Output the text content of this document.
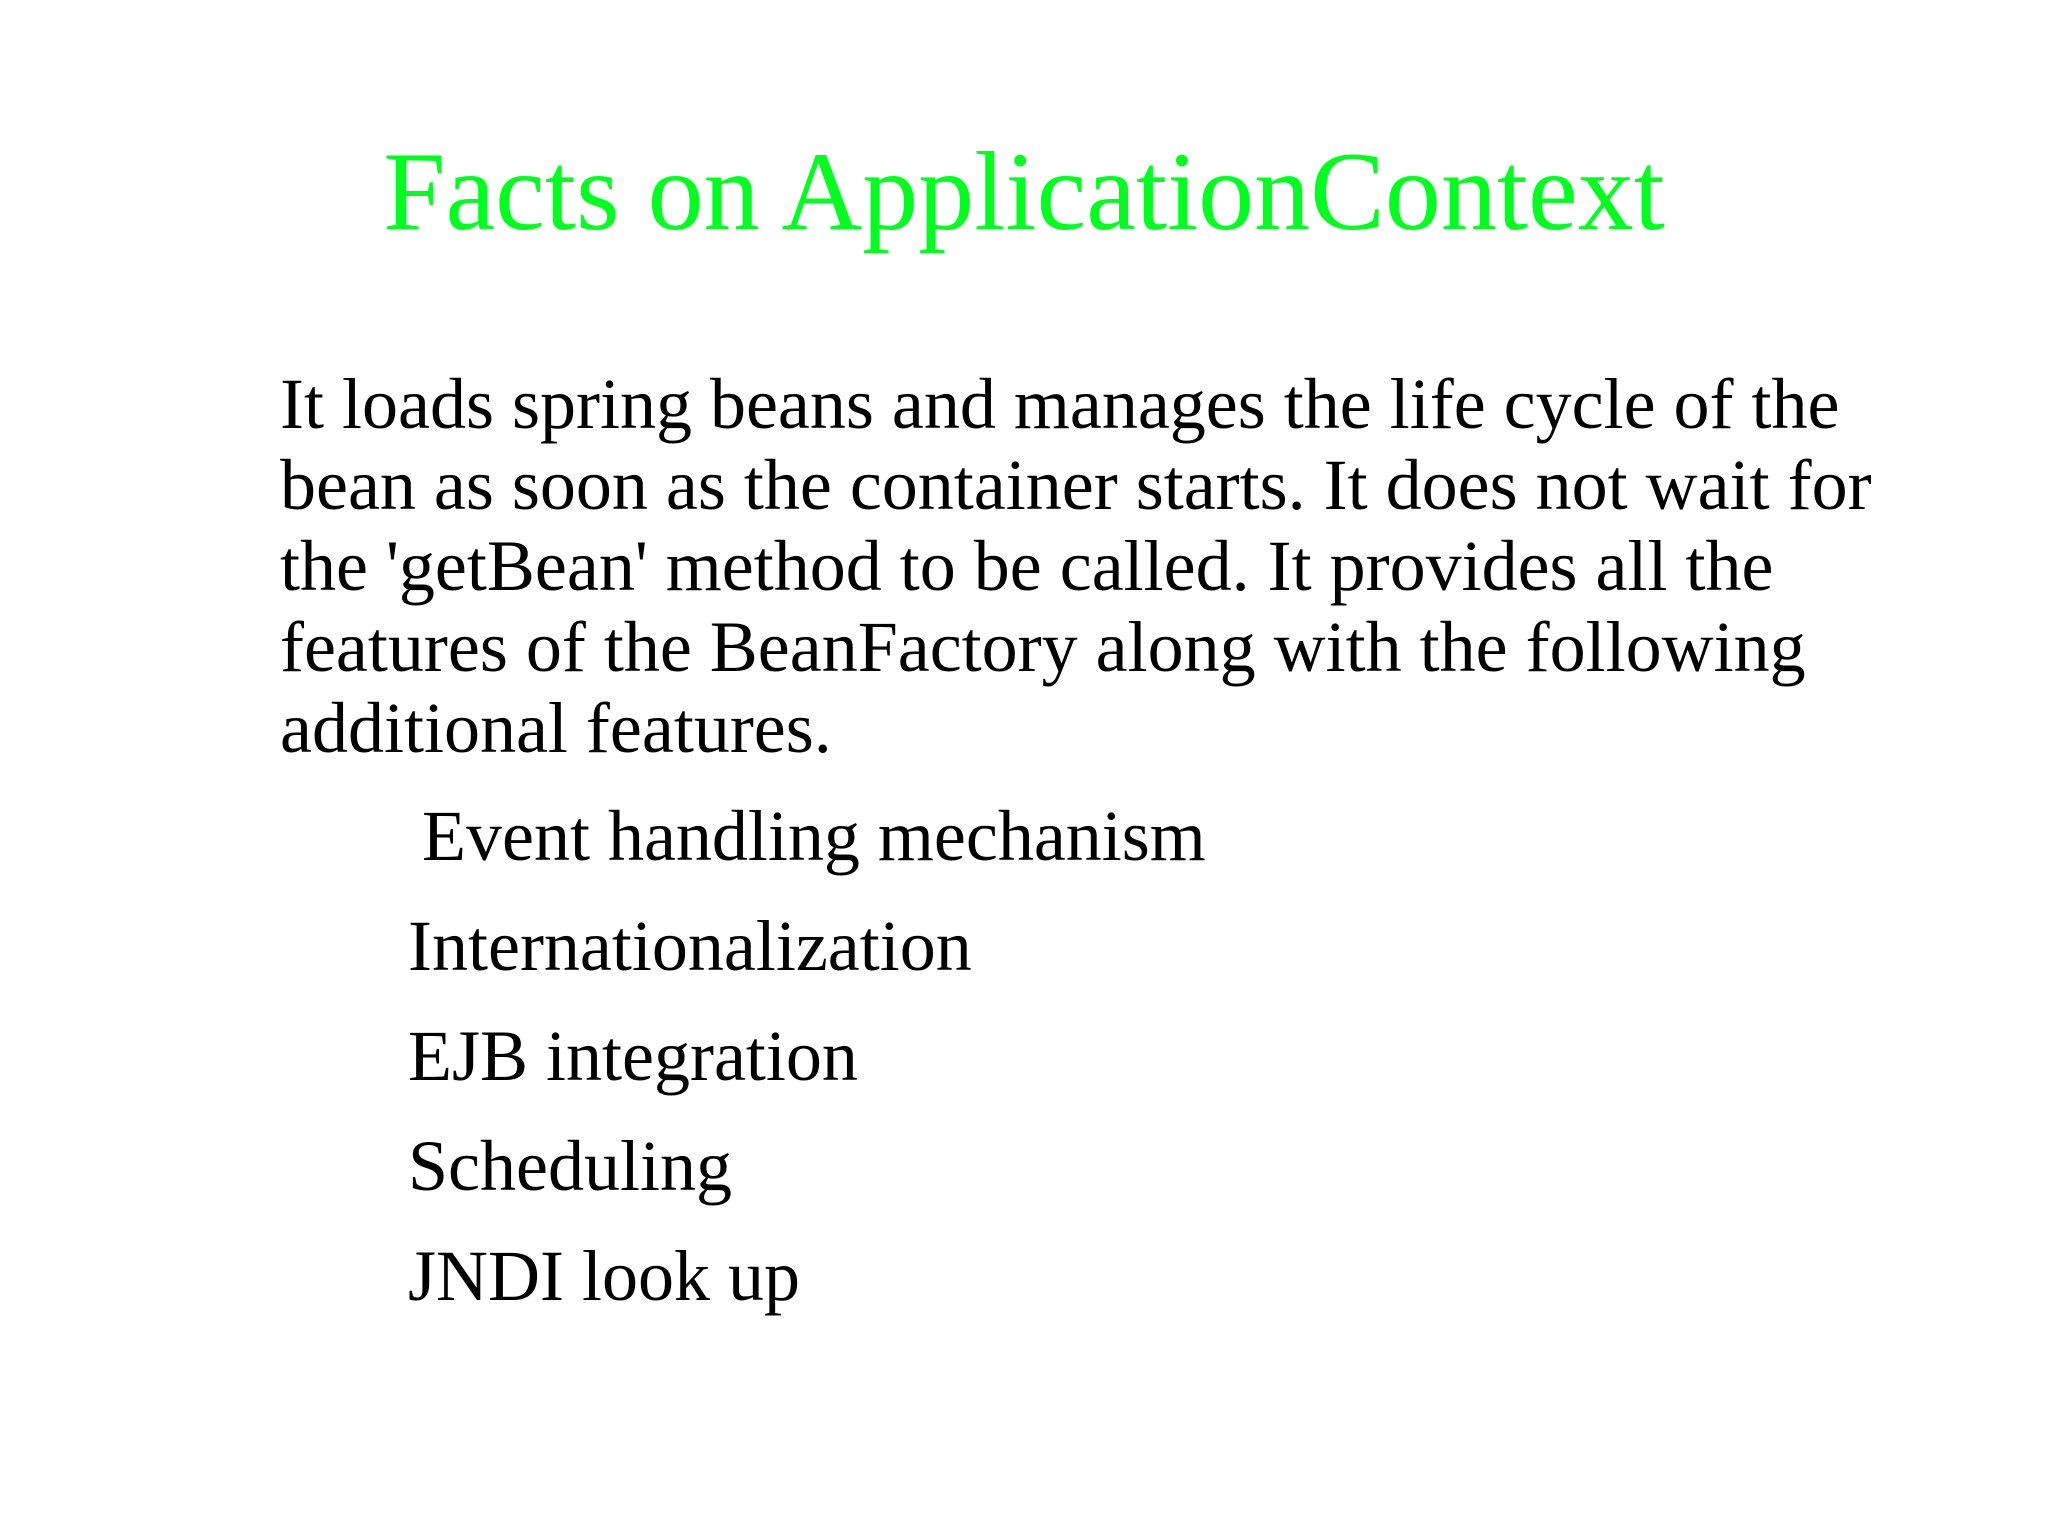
Facts on ApplicationContext

It loads spring beans and manages the life cycle of the bean as soon as the container starts. It does not wait for the 'getBean' method to be called. It provides all the features of the BeanFactory along with the following additional features.

Event handling mechanism
Internationalization
EJB integration
Scheduling
JNDI look up
